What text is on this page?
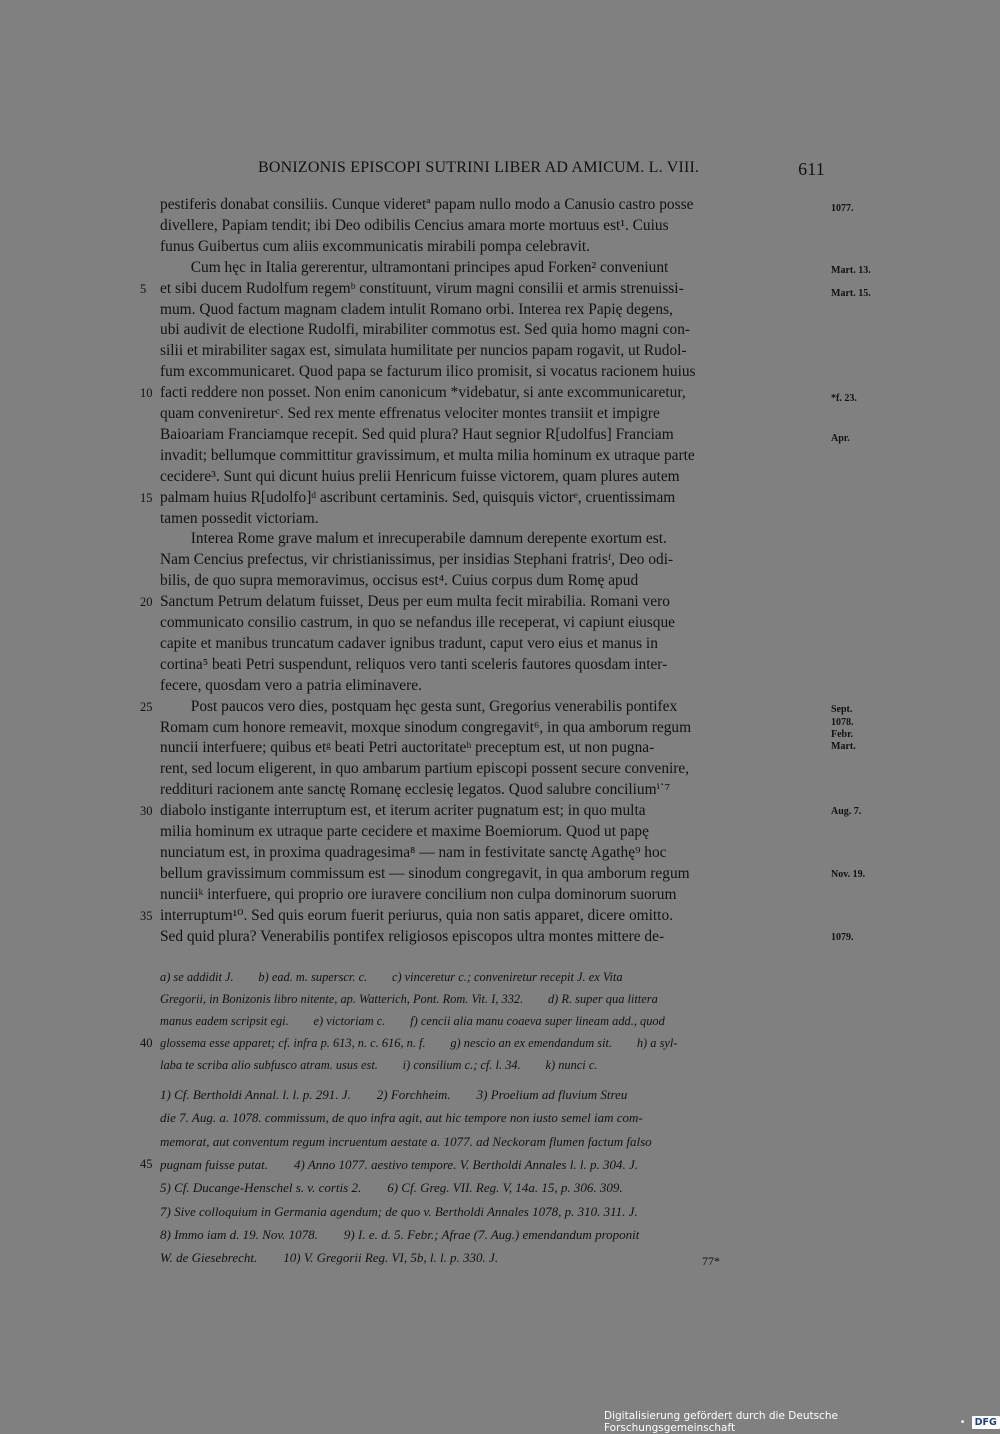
BONIZONIS EPISCOPI SUTRINI LIBER AD AMICUM. L. VIII.	611
pestiferis donabat consiliis. Cunque videretª papam nullo modo a Canusio castro posse
divellere, Papiam tendit; ibi Deo odibilis Cencius amara morte mortuus est¹. Cuius
funus Guibertus cum aliis excommunicatis mirabili pompa celebravit.
  Cum hęc in Italia gererentur, ultramontani principes apud Forken² conveniunt
et sibi ducem Rudolfum regemᵇ constituunt, virum magni consilii et armis strenuissi-
mum. Quod factum magnam cladem intulit Romano orbi. Interea rex Papię degens,
ubi audivit de electione Rudolfi, mirabiliter commotus est. Sed quia homo magni con-
silii et mirabiliter sagax est, simulata humilitate per nuncios papam rogavit, ut Rudol-
fum excommunicaret. Quod papa se facturum ilico promisit, si vocatus racionem huius
facti reddere non posset. Non enim canonicum *videbatur, si ante excommunicaretur,
quam convenireturᶜ. Sed rex mente effrenatus velociter montes transiit et impigre
Baioariam Franciamque recepit. Sed quid plura? Haut segnior R[udolfus] Franciam
invadit; bellumque committitur gravissimum, et multa milia hominum ex utraque parte
cecidere³. Sunt qui dicunt huius prelii Henricum fuisse victorem, quam plures autem
palmam huius R[udolfo]ᵈ ascribunt certaminis. Sed, quisquis victorᵉ, cruentissimam
tamen possedit victoriam.
  Interea Rome grave malum et inrecuperabile damnum derepente exortum est.
Nam Cencius prefectus, vir christianissimus, per insidias Stephani fratrisᶠ, Deo odi-
bilis, de quo supra memoravimus, occisus est⁴. Cuius corpus dum Romę apud
Sanctum Petrum delatum fuisset, Deus per eum multa fecit mirabilia. Romani vero
communicato consilio castrum, in quo se nefandus ille receperat, vi capiunt eiusque
capite et manibus truncatum cadaver ignibus tradunt, caput vero eius et manus in
cortina⁵ beati Petri suspendunt, reliquos vero tanti sceleris fautores quosdam inter-
fecere, quosdam vero a patria eliminavere.
  Post paucos vero dies, postquam hęc gesta sunt, Gregorius venerabilis pontifex
Romam cum honore remeavit, moxque sinodum congregavit⁶, in qua amborum regum
nuncii interfuere; quibus etᵍ beati Petri auctoritateʰ preceptum est, ut non pugna-
rent, sed locum eligerent, in quo ambarum partium episcopi possent secure convenire,
redditurі racionem ante sanctę Romanę ecclesię legatos. Quod salubre conciliumⁱ˙⁷
diabolo instigante interruptum est, et iterum acriter pugnatum est; in quo multa
milia hominum ex utraque parte cecidere et maxime Boemiorum. Quod ut papę
nunciatum est, in proxima quadragesima⁸ — nam in festivitate sanctę Agathę⁹ hoc
bellum gravissimum commissum est — sinodum congregavit, in qua amborum regum
nunciiᵏ interfuere, qui proprio ore iuravere concilium non culpa dominorum suorum
interruptum¹⁰. Sed quis eorum fuerit periurus, quia non satis apparet, dicere omitto.
Sed quid plura? Venerabilis pontifex religiosos episcopos ultra montes mittere de-
5
10
15
20
25
30
35
1077.
Mart. 13.
Mart. 15.
*f. 23.
Apr.
Sept.
1078.
Febr.
Mart.
Aug. 7.
Nov. 19.
1079.
a) se addidit J.  b) ead. m. superscr. c.  c) vinceretur c.; conveniretur recepit J. ex Vita
Gregorii, in Bonizonis libro nitente, ap. Watterich, Pont. Rom. Vit. I, 332.  d) R. super qua littera
manus eadem scripsit egi.  e) victoriam c.  f) cencii alia manu coaeva super lineam add., quod
glossema esse apparet; cf. infra p. 613, n. c. 616, n. f.  g) nescio an ex emendandum sit.  h) a syl-
laba te scriba alio subfusco atram. usus est.  i) consilium c.; cf. l. 34.  k) nunci c.
40
1) Cf. Bertholdi Annal. l. l. p. 291. J.  2) Forchheim.  3) Proelium ad fluvium Streu
die 7. Aug. a. 1078. commissum, de quo infra agit, aut hic tempore non iusto semel iam com-
memorat, aut conventum regum incruentum aestate a. 1077. ad Neckoram flumen factum falso
pugnam fuisse putat.  4) Anno 1077. aestivo tempore. V. Bertholdi Annales l. l. p. 304. J.
5) Cf. Ducange-Henschel s. v. cortis 2.  6) Cf. Greg. VII. Reg. V, 14a. 15, p. 306. 309.
7) Sive colloquium in Germania agendum; de quo v. Bertholdi Annales 1078, p. 310. 311. J.
8) Immo iam d. 19. Nov. 1078.  9) I. e. d. 5. Febr.; Afrae (7. Aug.) emendandum proponit
W. de Giesebrecht.  10) V. Gregorii Reg. VI, 5b, l. l. p. 330. J.
45
77*
Digitalisierung gefördert durch die Deutsche Forschungsgemeinschaft	• DFG
